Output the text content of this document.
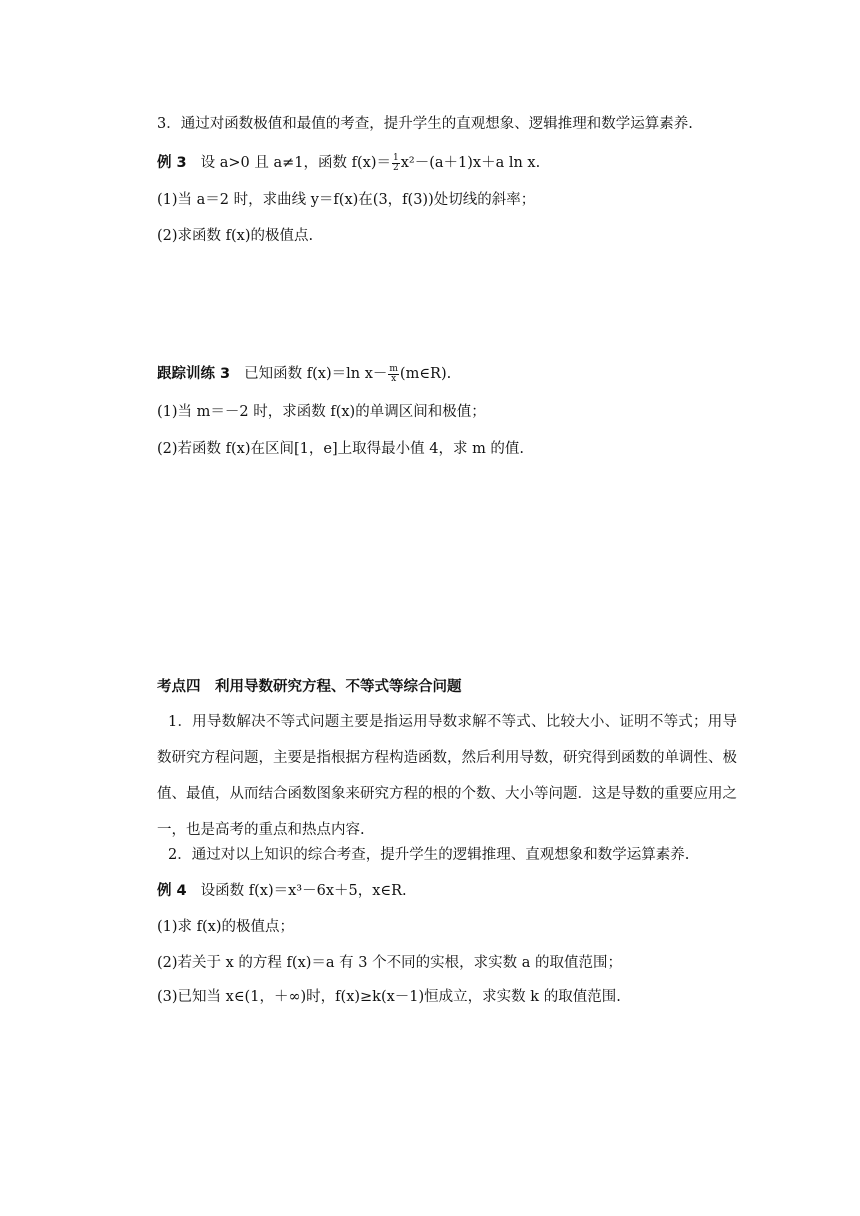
3．通过对函数极值和最值的考查，提升学生的直观想象、逻辑推理和数学运算素养.
例 3 设 a>0 且 a≠1，函数 $f(x)= \frac{1}{2} x^2-(a+1)x+a$ ln x.
(1)当 a＝2 时，求曲线 y＝f(x)在(3，f(3))处切线的斜率；
(2)求函数 f(x)的极值点.
跟踪训练 3 已知函数 f(x)＝ln $x- \frac{m}{x}$ (m∈R).
(1)当 m＝－2 时，求函数 f(x)的单调区间和极值；
(2)若函数 f(x)在区间[1，e]上取得最小值 4，求 m 的值.
考点四　利用导数研究方程、不等式等综合问题
1．用导数解决不等式问题主要是指运用导数求解不等式、比较大小、证明不等式；用导数研究方程问题，主要是指根据方程构造函数，然后利用导数，研究得到函数的单调性、极值、最值，从而结合函数图象来研究方程的根的个数、大小等问题．这是导数的重要应用之一，也是高考的重点和热点内容.
2．通过对以上知识的综合考查，提升学生的逻辑推理、直观想象和数学运算素养.
例 4 设函数 f(x)＝x³－6x＋5，x∈R.
(1)求 f(x)的极值点；
(2)若关于 x 的方程 f(x)＝a 有 3 个不同的实根，求实数 a 的取值范围；
(3)已知当 x∈(1，＋∞)时，f(x)≥k(x－1)恒成立，求实数 k 的取值范围.
